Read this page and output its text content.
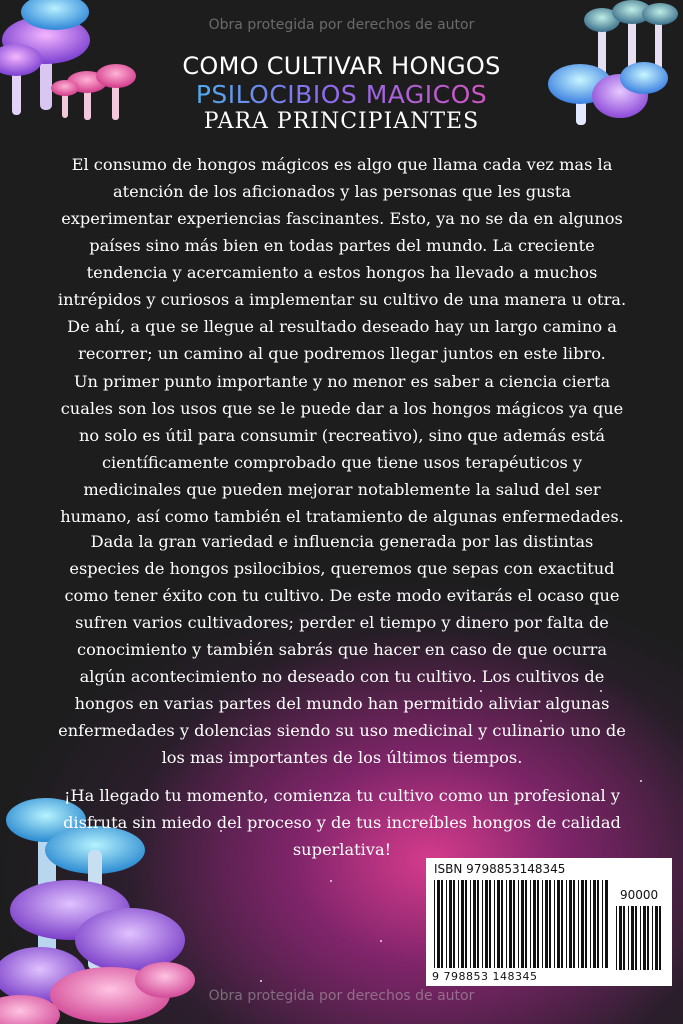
Obra protegida por derechos de autor
COMO CULTIVAR HONGOS
PSILOCIBIOS MAGICOS
PARA PRINCIPIANTES
El consumo de hongos mágicos es algo que llama cada vez mas la atención de los aficionados y las personas que les gusta experimentar experiencias fascinantes. Esto, ya no se da en algunos países sino más bien en todas partes del mundo. La creciente tendencia y acercamiento a estos hongos ha llevado a muchos intrépidos y curiosos a implementar su cultivo de una manera u otra. De ahí, a que se llegue al resultado deseado hay un largo camino a recorrer; un camino al que podremos llegar juntos en este libro.
Un primer punto importante y no menor es saber a ciencia cierta cuales son los usos que se le puede dar a los hongos mágicos ya que no solo es útil para consumir (recreativo), sino que además está científicamente comprobado que tiene usos terapéuticos y medicinales que pueden mejorar notablemente la salud del ser humano, así como también el tratamiento de algunas enfermedades.
Dada la gran variedad e influencia generada por las distintas especies de hongos psilocibios, queremos que sepas con exactitud como tener éxito con tu cultivo. De este modo evitarás el ocaso que sufren varios cultivadores; perder el tiempo y dinero por falta de conocimiento y también sabrás que hacer en caso de que ocurra algún acontecimiento no deseado con tu cultivo. Los cultivos de hongos en varias partes del mundo han permitido aliviar algunas enfermedades y dolencias siendo su uso medicinal y culinario uno de los mas importantes de los últimos tiempos.
¡Ha llegado tu momento, comienza tu cultivo como un profesional y disfruta sin miedo del proceso y de tus increíbles hongos de calidad superlativa!
ISBN 9798853148345
90000
9 798853 148345
Obra protegida por derechos de autor
